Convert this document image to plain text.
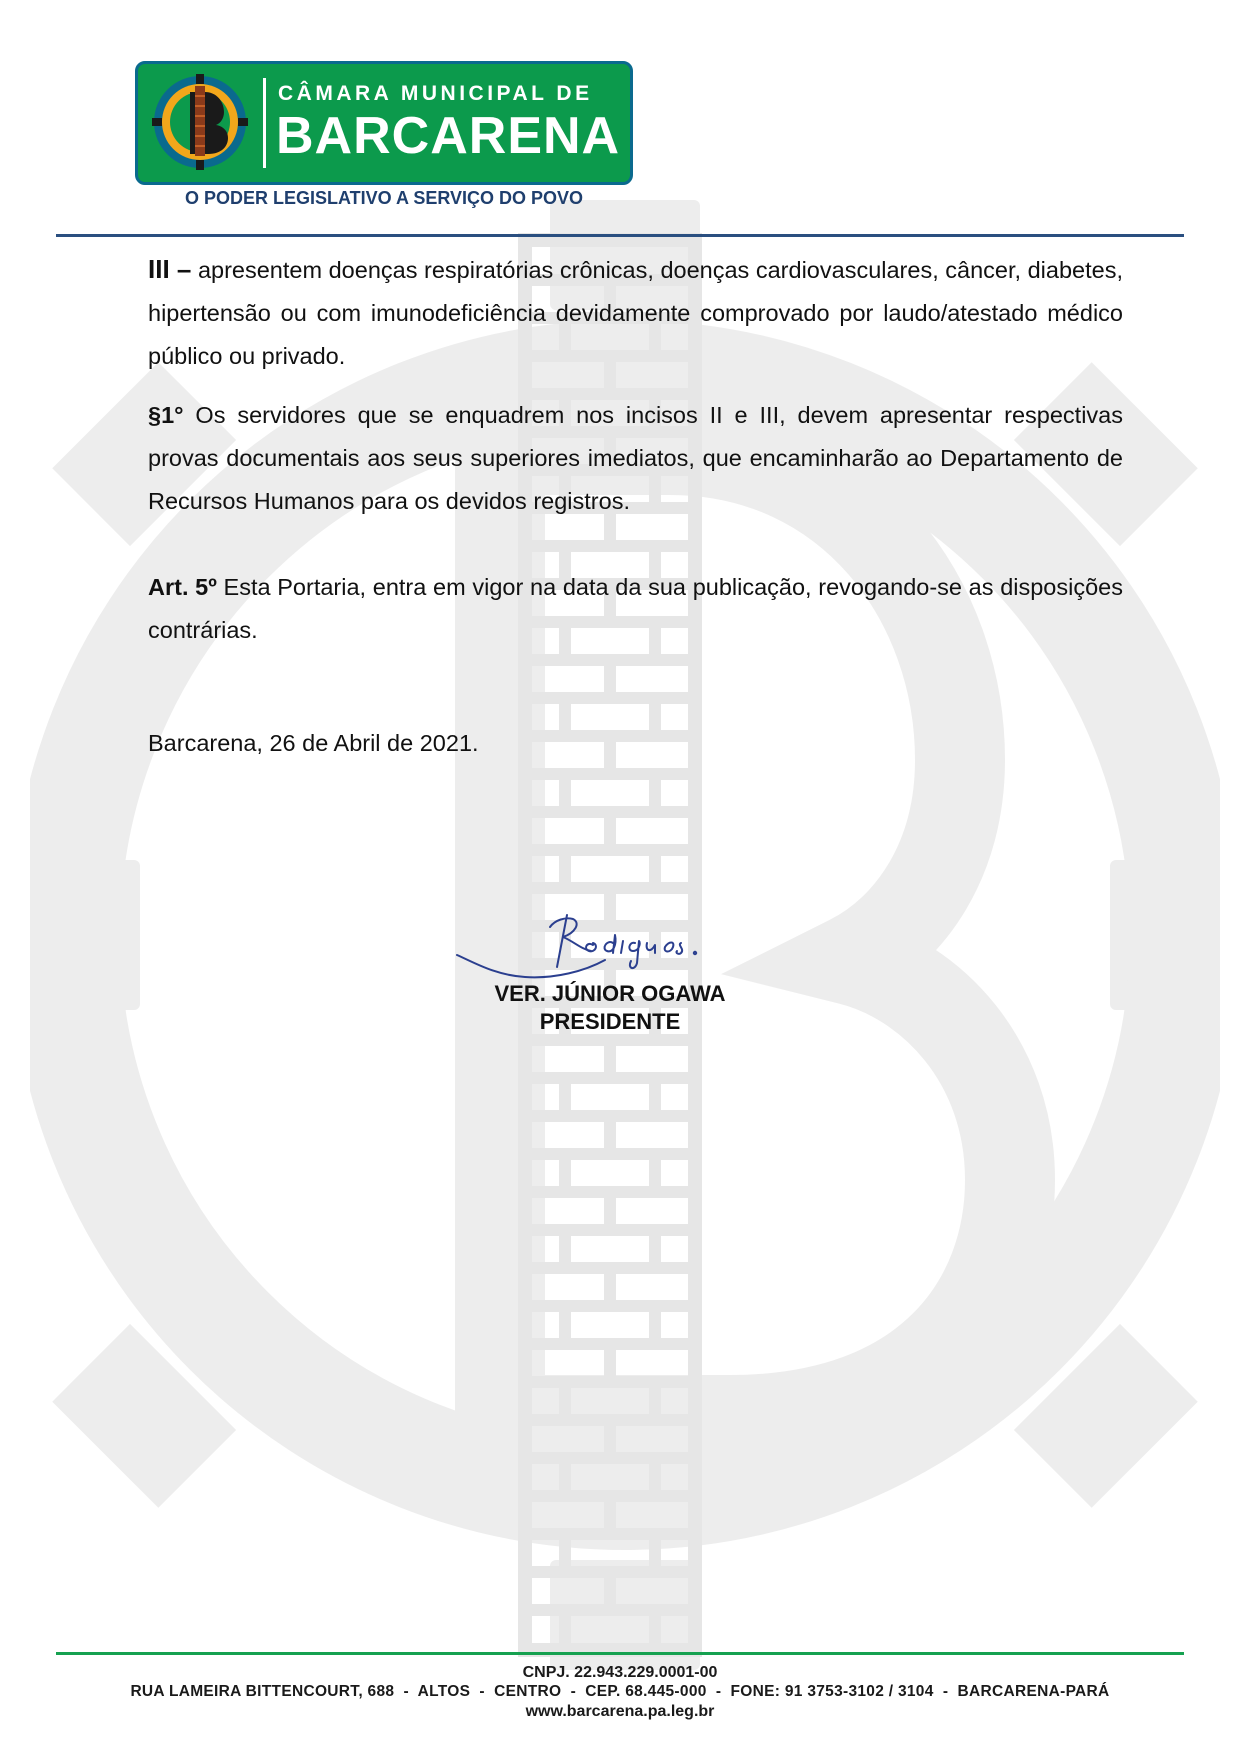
CÂMARA MUNICIPAL DE
BARCARENA
O PODER LEGISLATIVO A SERVIÇO DO POVO

III – apresentem doenças respiratórias crônicas, doenças cardiovasculares, câncer, diabetes, hipertensão ou com imunodeficiência devidamente comprovado por laudo/atestado médico público ou privado.

§1° Os servidores que se enquadrem nos incisos II e III, devem apresentar respectivas provas documentais aos seus superiores imediatos, que encaminharão ao Departamento de Recursos Humanos para os devidos registros.

Art. 5º Esta Portaria, entra em vigor na data da sua publicação, revogando-se as disposições contrárias.

Barcarena, 26 de Abril de 2021.

VER. JÚNIOR OGAWA
PRESIDENTE
CNPJ. 22.943.229.0001-00
RUA LAMEIRA BITTENCOURT, 688  -  ALTOS  -  CENTRO  -  CEP. 68.445-000  -  FONE: 91 3753-3102 / 3104  -  BARCARENA-PARÁ
www.barcarena.pa.leg.br
